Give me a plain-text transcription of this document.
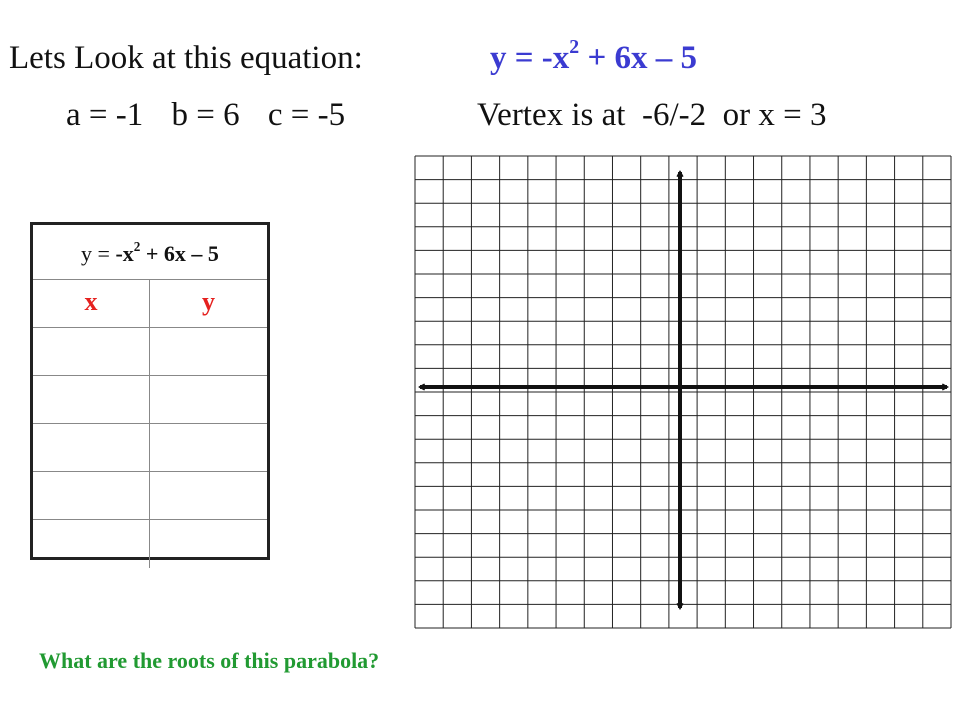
Lets Look at this equation:	$y = -x^2 + 6x - 5$
a = -1 b = 6 c = -5	Vertex is at  -6/-2  or x = 3
$y = -x^2 + 6x - 5$
x	y
What are the roots of this parabola?
